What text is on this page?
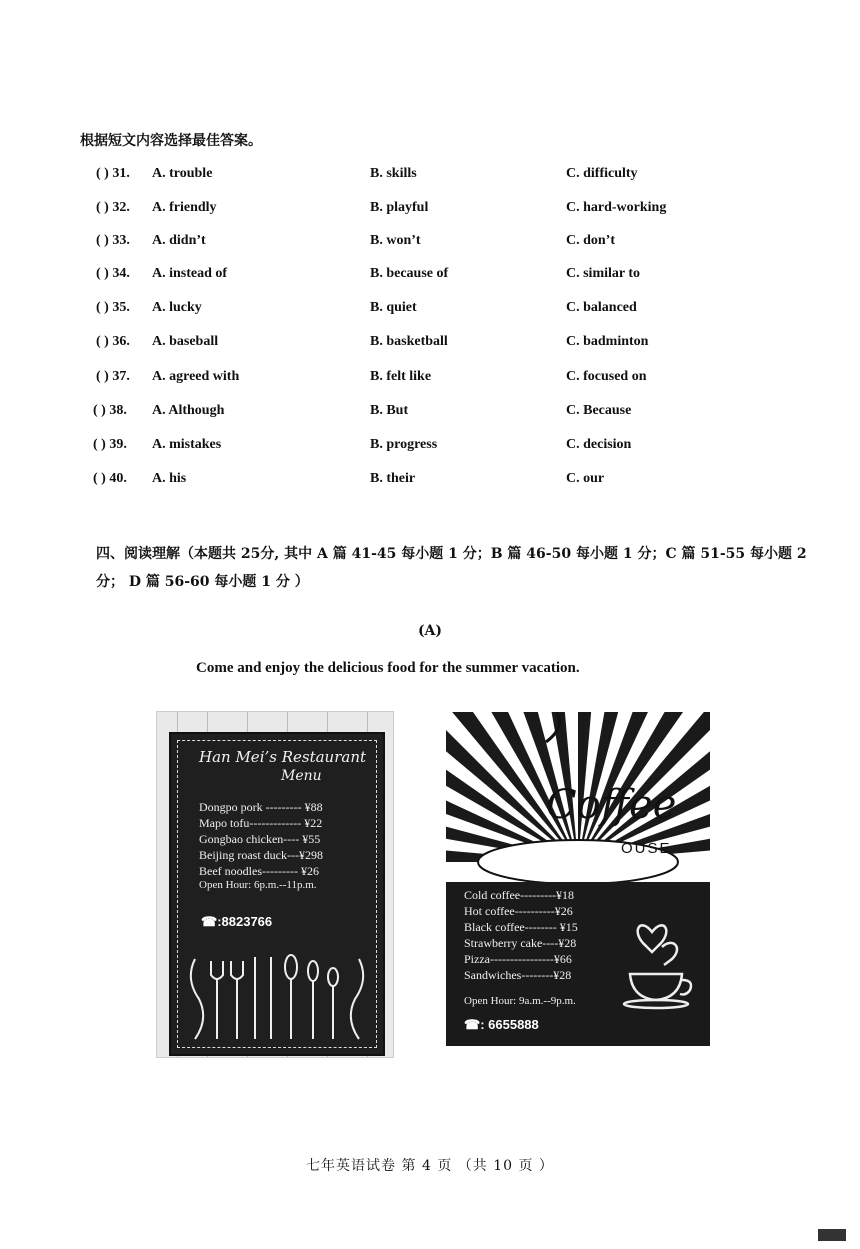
根据短文内容选择最佳答案。
( ) 31. A. trouble	B. skills	C. difficulty
( ) 32. A. friendly	B. playful	C. hard-working
( ) 33. A. didn’t	B. won’t	C. don’t
( ) 34. A. instead of	B. because of	C. similar to
( ) 35. A. lucky	B. quiet	C. balanced
( ) 36. A. baseball	B. basketball	C. badminton
( ) 37. A. agreed with	B. felt like	C. focused on
( ) 38. A. Although	B. But	C. Because
( ) 39. A. mistakes	B. progress	C. decision
( ) 40. A. his	B. their	C. our
四、阅读理解（本题共 25分, 其中 A 篇 41-45 每小题 1 分；B 篇 46-50 每小题 1 分；C 篇 51-55 每小题 2 分； D 篇 56-60 每小题 1 分 ）
(A)
Come and enjoy the delicious food for the summer vacation.
Han Mei’s Restaurant
Menu
Dongpo pork --------- ¥88
Mapo tofu------------- ¥22
Gongbao chicken---- ¥55
Beijing roast duck---¥298
Beef noodles--------- ¥26
Open Hour: 6p.m.--11p.m.
☎:8823766
Coffee
OUSE
Cold coffee---------¥18
Hot coffee----------¥26
Black coffee-------- ¥15
Strawberry cake----¥28
Pizza----------------¥66
Sandwiches--------¥28
Open Hour: 9a.m.--9p.m.
☎: 6655888
七年英语试卷 第 4 页 （共 10 页 ）
